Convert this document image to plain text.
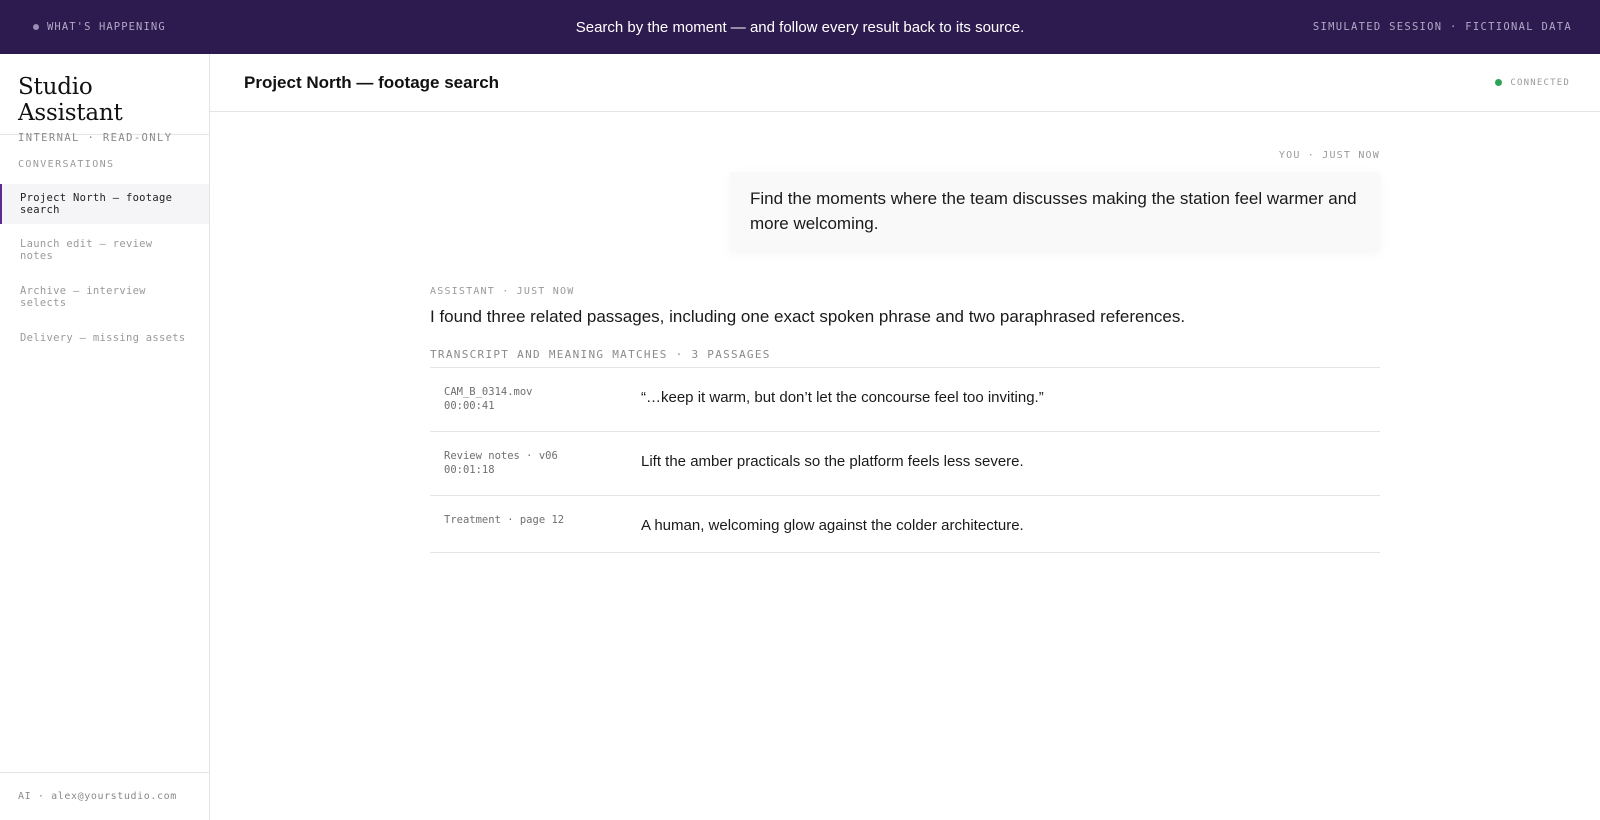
WHAT'S HAPPENING	Search by the moment — and follow every result back to its source.	SIMULATED SESSION · FICTIONAL DATA
Studio Assistant
INTERNAL · READ-ONLY
CONVERSATIONS
Project North — footage search
Launch edit — review notes
Archive — interview selects
Delivery — missing assets
AI · alex@yourstudio.com
Project North — footage search	CONNECTED
YOU · JUST NOW
Find the moments where the team discusses making the station feel warmer and more welcoming.
ASSISTANT · JUST NOW
I found three related passages, including one exact spoken phrase and two paraphrased references.
TRANSCRIPT AND MEANING MATCHES · 3 PASSAGES
CAM_B_0314.mov
00:00:41	“…keep it warm, but don’t let the concourse feel too inviting.”
Review notes · v06
00:01:18	Lift the amber practicals so the platform feels less severe.
Treatment · page 12	A human, welcoming glow against the colder architecture.
